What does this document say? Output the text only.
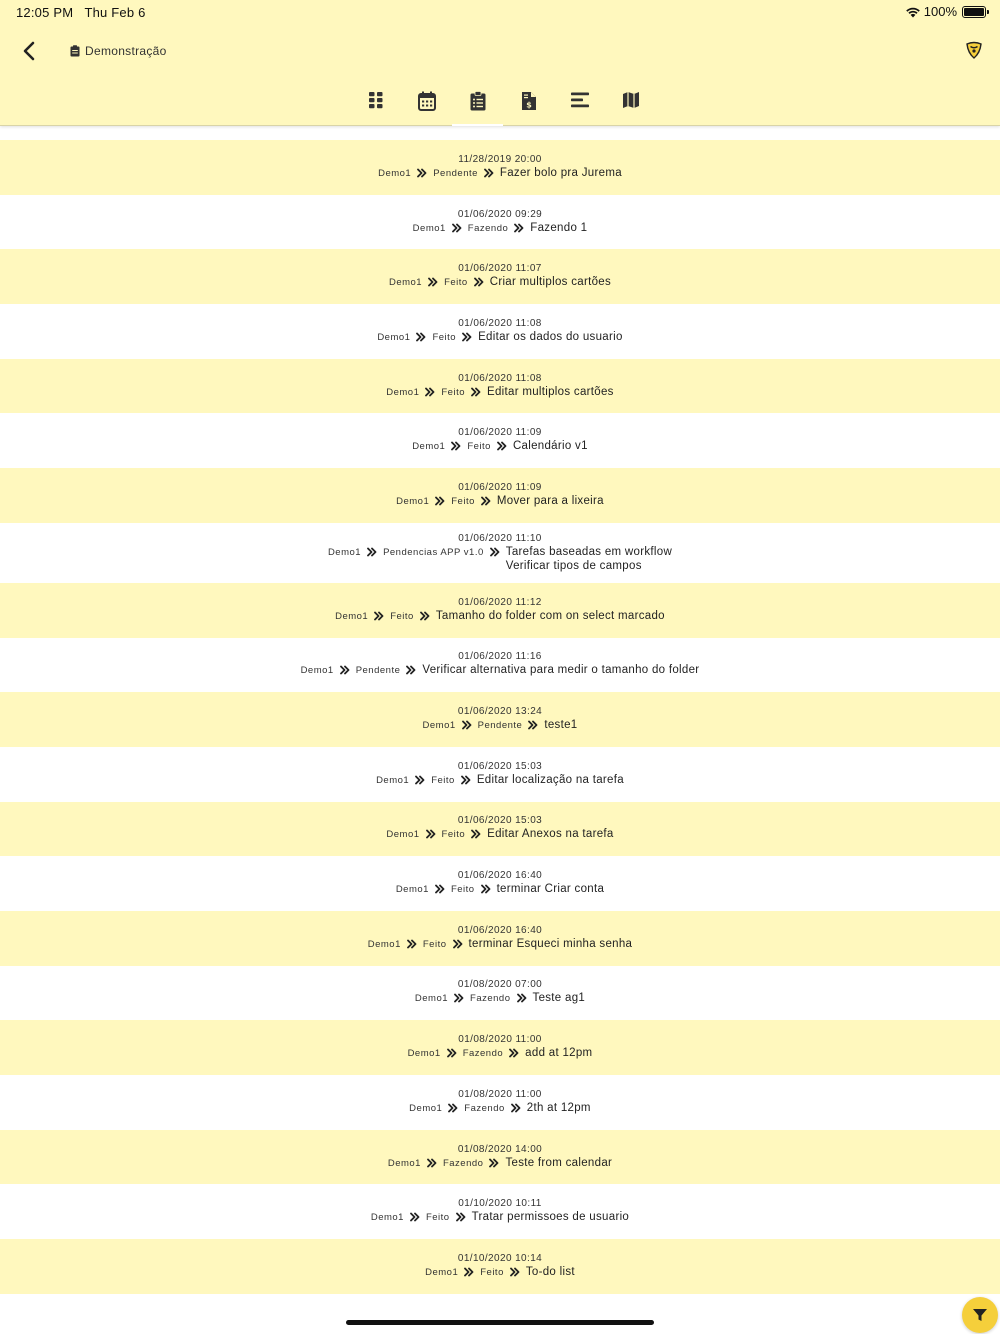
12:05 PM Thu Feb 6	100%
Demonstração
$
11/28/2019 20:00
Demo1 Pendente Fazer bolo pra Jurema
01/06/2020 09:29
Demo1 Fazendo Fazendo 1
01/06/2020 11:07
Demo1 Feito Criar multiplos cartões
01/06/2020 11:08
Demo1 Feito Editar os dados do usuario
01/06/2020 11:08
Demo1 Feito Editar multiplos cartões
01/06/2020 11:09
Demo1 Feito Calendário v1
01/06/2020 11:09
Demo1 Feito Mover para a lixeira
01/06/2020 11:10
Demo1 Pendencias APP v1.0 Tarefas baseadas em workflow
Verificar tipos de campos
01/06/2020 11:12
Demo1 Feito Tamanho do folder com on select marcado
01/06/2020 11:16
Demo1 Pendente Verificar alternativa para medir o tamanho do folder
01/06/2020 13:24
Demo1 Pendente teste1
01/06/2020 15:03
Demo1 Feito Editar localização na tarefa
01/06/2020 15:03
Demo1 Feito Editar Anexos na tarefa
01/06/2020 16:40
Demo1 Feito terminar Criar conta
01/06/2020 16:40
Demo1 Feito terminar Esqueci minha senha
01/08/2020 07:00
Demo1 Fazendo Teste ag1
01/08/2020 11:00
Demo1 Fazendo add at 12pm
01/08/2020 11:00
Demo1 Fazendo 2th at 12pm
01/08/2020 14:00
Demo1 Fazendo Teste from calendar
01/10/2020 10:11
Demo1 Feito Tratar permissoes de usuario
01/10/2020 10:14
Demo1 Feito To-do list
